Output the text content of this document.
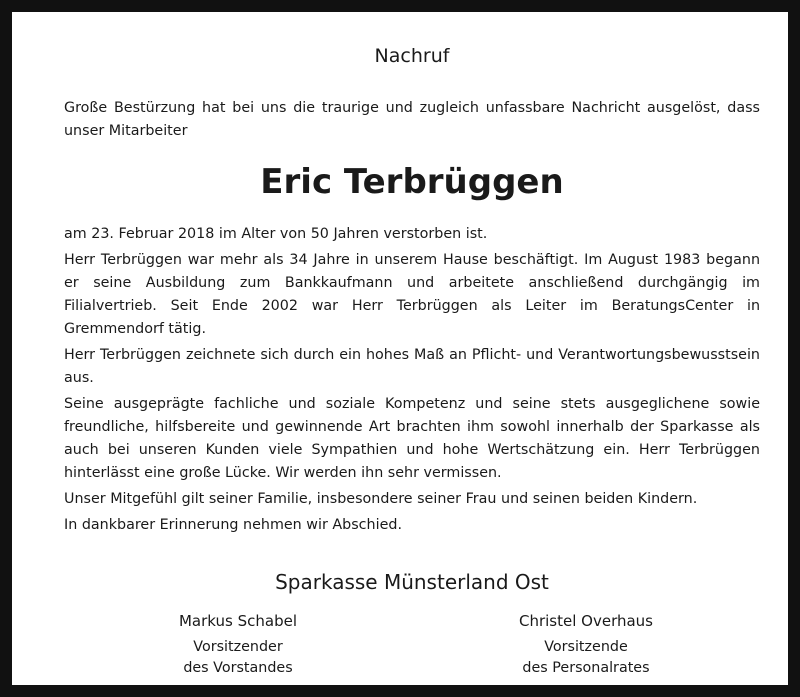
Nachruf
Große Bestürzung hat bei uns die traurige und zugleich unfassbare Nachricht ausgelöst, dass unser Mitarbeiter
Eric Terbrüggen

am 23. Februar 2018 im Alter von 50 Jahren verstorben ist.

Herr Terbrüggen war mehr als 34 Jahre in unserem Hause beschäftigt. Im August 1983 begann er seine Ausbildung zum Bankkaufmann und arbeitete anschließend durchgängig im Filialvertrieb. Seit Ende 2002 war Herr Terbrüggen als Leiter im BeratungsCenter in Gremmendorf tätig.

Herr Terbrüggen zeichnete sich durch ein hohes Maß an Pflicht- und Verantwortungsbewusstsein aus.

Seine ausgeprägte fachliche und soziale Kompetenz und seine stets ausgeglichene sowie freundliche, hilfsbereite und gewinnende Art brachten ihm sowohl innerhalb der Sparkasse als auch bei unseren Kunden viele Sympathien und hohe Wertschätzung ein. Herr Terbrüggen hinterlässt eine große Lücke. Wir werden ihn sehr vermissen.

Unser Mitgefühl gilt seiner Familie, insbesondere seiner Frau und seinen beiden Kindern.

In dankbarer Erinnerung nehmen wir Abschied.

Sparkasse Münsterland Ost
Markus Schabel
Vorsitzender
des Vorstandes
Christel Overhaus
Vorsitzende
des Personalrates
